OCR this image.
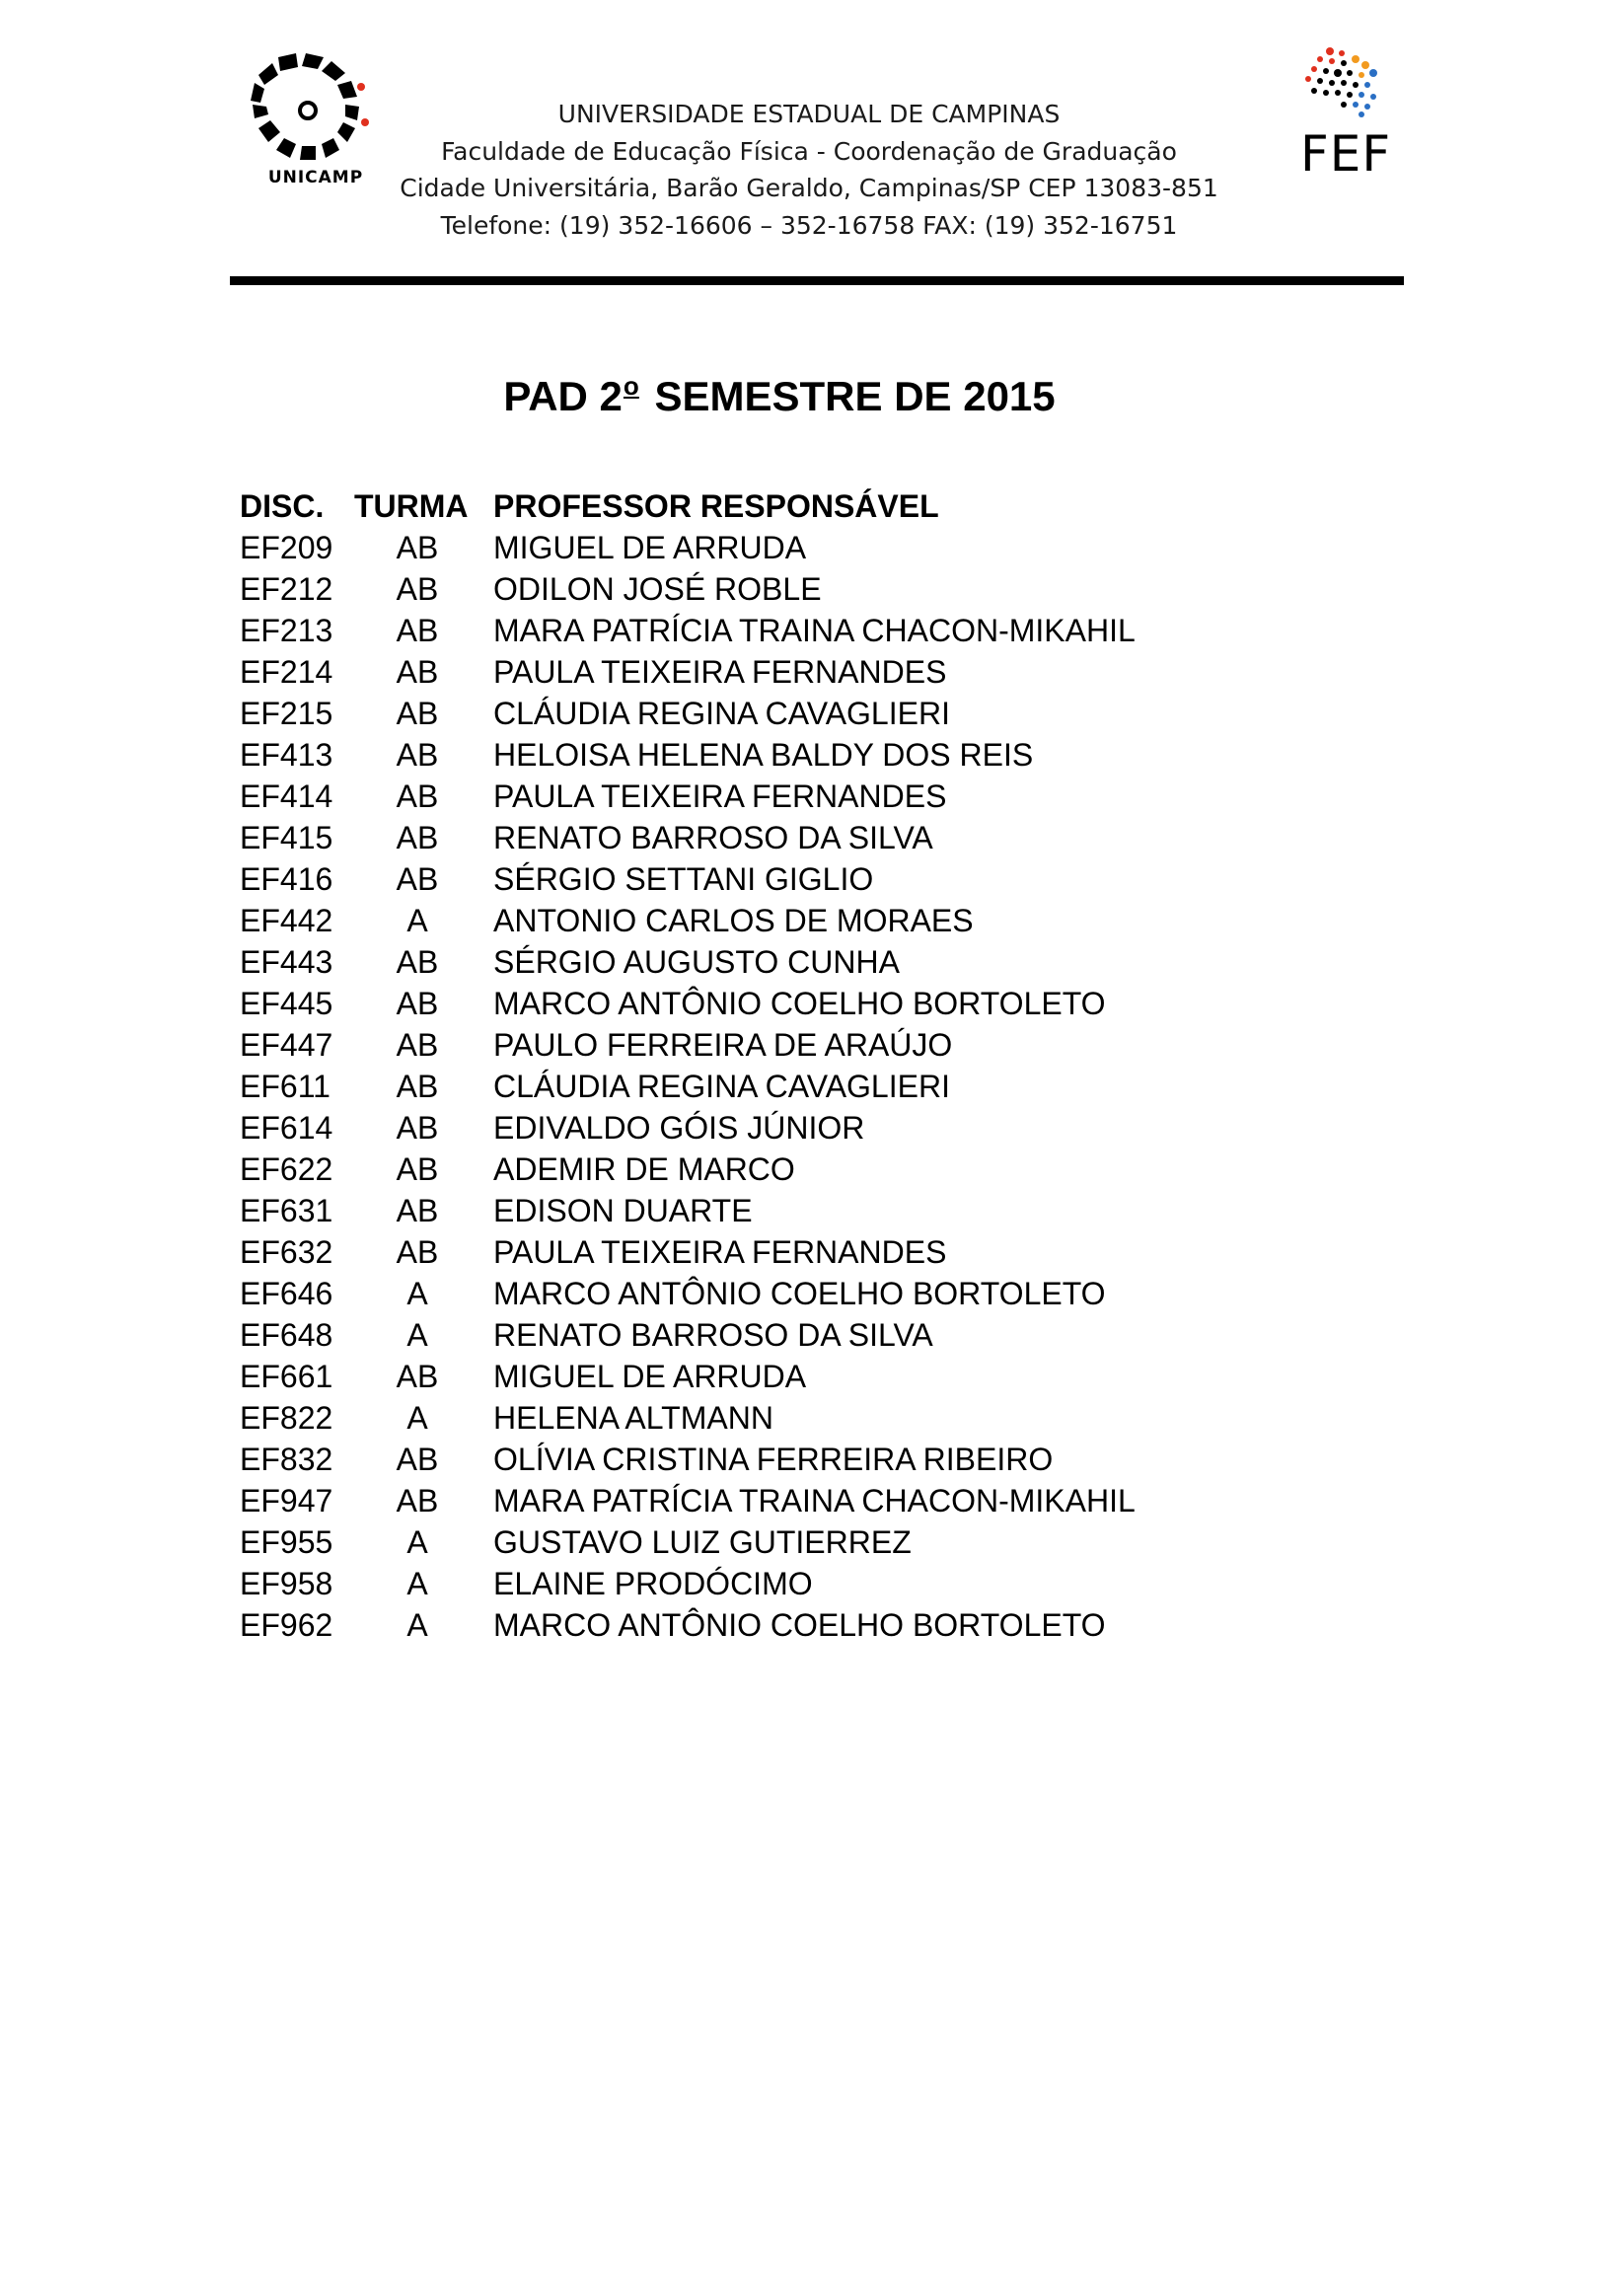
UNICAMP	FEF
UNIVERSIDADE ESTADUAL DE CAMPINAS
Faculdade de Educação Física - Coordenação de Graduação
Cidade Universitária, Barão Geraldo, Campinas/SP CEP 13083-851
Telefone: (19) 352-16606 – 352-16758 FAX: (19) 352-16751
PAD 2o SEMESTRE DE 2015
DISC. TURMA PROFESSOR RESPONSÁVEL
EF209	AB	MIGUEL DE ARRUDA
EF212	AB	ODILON JOSÉ ROBLE
EF213	AB	MARA PATRÍCIA TRAINA CHACON-MIKAHIL
EF214	AB	PAULA TEIXEIRA FERNANDES
EF215	AB	CLÁUDIA REGINA CAVAGLIERI
EF413	AB	HELOISA HELENA BALDY DOS REIS
EF414	AB	PAULA TEIXEIRA FERNANDES
EF415	AB	RENATO BARROSO DA SILVA
EF416	AB	SÉRGIO SETTANI GIGLIO
EF442	A	ANTONIO CARLOS DE MORAES
EF443	AB	SÉRGIO AUGUSTO CUNHA
EF445	AB	MARCO ANTÔNIO COELHO BORTOLETO
EF447	AB	PAULO FERREIRA DE ARAÚJO
EF611	AB	CLÁUDIA REGINA CAVAGLIERI
EF614	AB	EDIVALDO GÓIS JÚNIOR
EF622	AB	ADEMIR DE MARCO
EF631	AB	EDISON DUARTE
EF632	AB	PAULA TEIXEIRA FERNANDES
EF646	A	MARCO ANTÔNIO COELHO BORTOLETO
EF648	A	RENATO BARROSO DA SILVA
EF661	AB	MIGUEL DE ARRUDA
EF822	A	HELENA ALTMANN
EF832	AB	OLÍVIA CRISTINA FERREIRA RIBEIRO
EF947	AB	MARA PATRÍCIA TRAINA CHACON-MIKAHIL
EF955	A	GUSTAVO LUIZ GUTIERREZ
EF958	A	ELAINE PRODÓCIMO
EF962	A	MARCO ANTÔNIO COELHO BORTOLETO
